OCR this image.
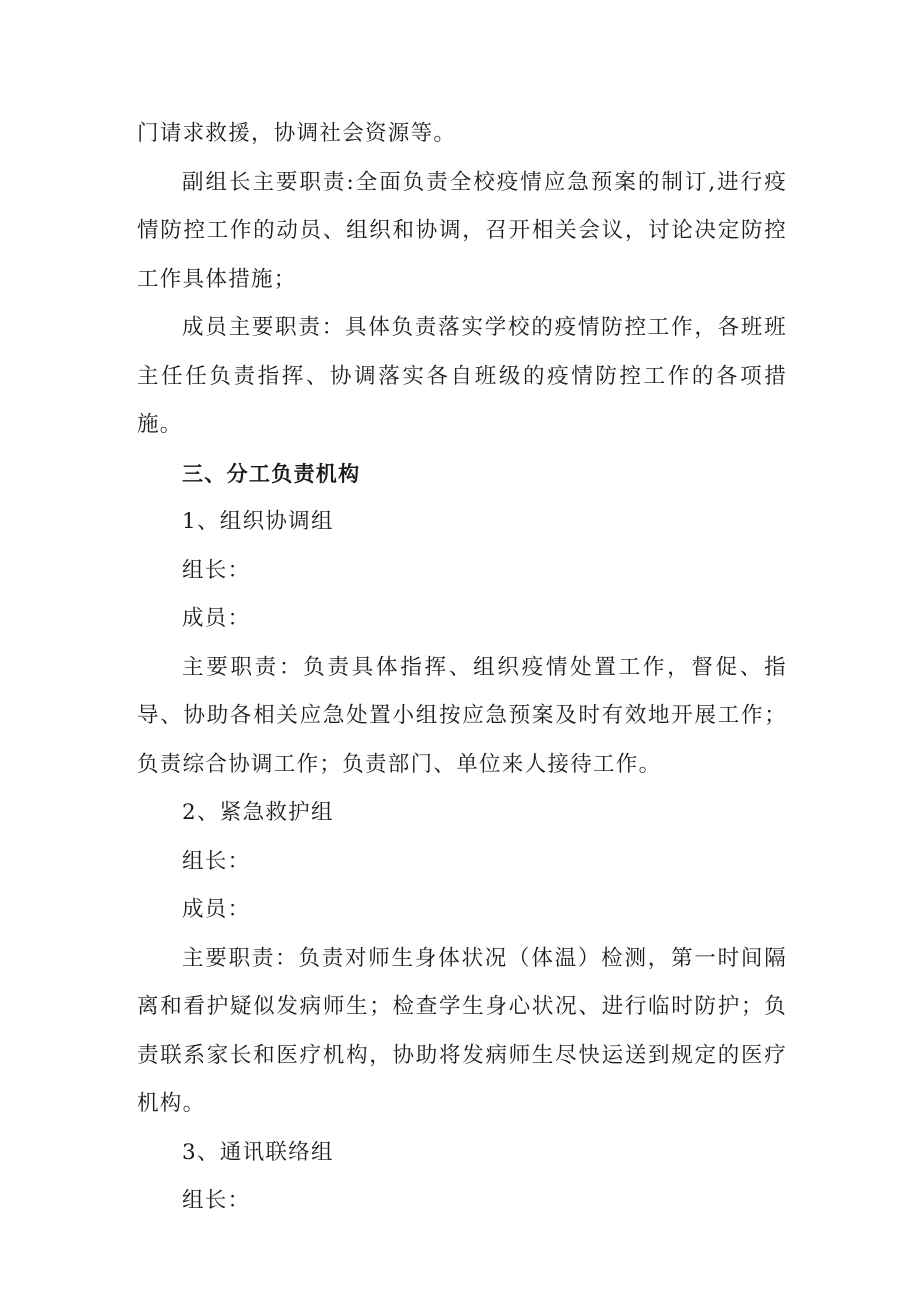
门请求救援，协调社会资源等。

副组长主要职责:全面负责全校疫情应急预案的制订,进行疫情防控工作的动员、组织和协调，召开相关会议，讨论决定防控工作具体措施；

成员主要职责：具体负责落实学校的疫情防控工作，各班班主任任负责指挥、协调落实各自班级的疫情防控工作的各项措施。

三、分工负责机构

1、组织协调组

组长：

成员：

主要职责：负责具体指挥、组织疫情处置工作，督促、指导、协助各相关应急处置小组按应急预案及时有效地开展工作；负责综合协调工作；负责部门、单位来人接待工作。

2、紧急救护组

组长：

成员：

主要职责：负责对师生身体状况（体温）检测，第一时间隔离和看护疑似发病师生；检查学生身心状况、进行临时防护；负责联系家长和医疗机构，协助将发病师生尽快运送到规定的医疗机构。

3、通讯联络组

组长：
